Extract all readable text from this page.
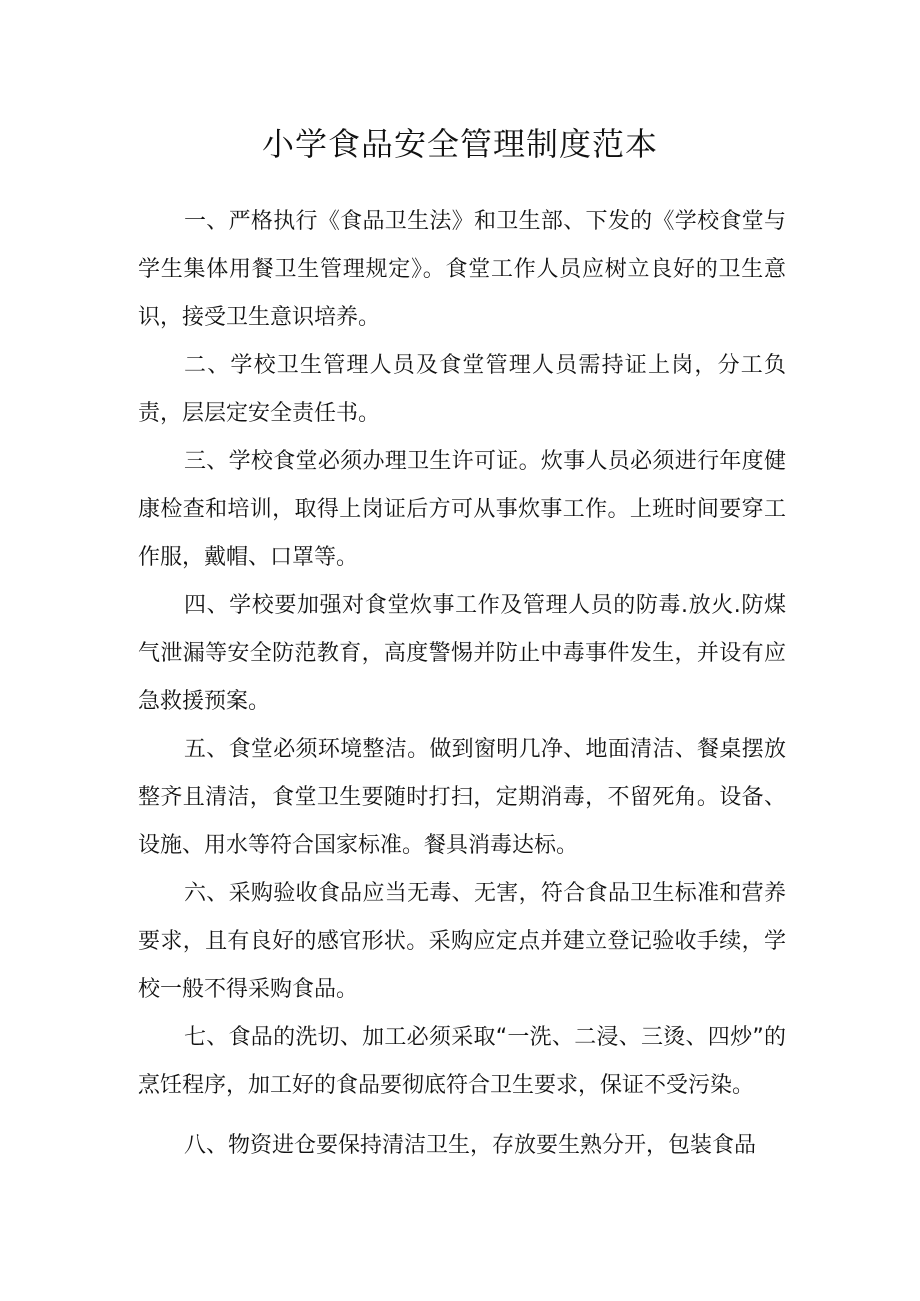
小学食品安全管理制度范本

一、严格执行《食品卫生法》和卫生部、下发的《学校食堂与学生集体用餐卫生管理规定》。食堂工作人员应树立良好的卫生意识，接受卫生意识培养。

二、学校卫生管理人员及食堂管理人员需持证上岗，分工负责，层层定安全责任书。

三、学校食堂必须办理卫生许可证。炊事人员必须进行年度健康检查和培训，取得上岗证后方可从事炊事工作。上班时间要穿工作服，戴帽、口罩等。

四、学校要加强对食堂炊事工作及管理人员的防毒.放火.防煤气泄漏等安全防范教育，高度警惕并防止中毒事件发生，并设有应急救援预案。

五、食堂必须环境整洁。做到窗明几净、地面清洁、餐桌摆放整齐且清洁，食堂卫生要随时打扫，定期消毒，不留死角。设备、设施、用水等符合国家标准。餐具消毒达标。

六、采购验收食品应当无毒、无害，符合食品卫生标准和营养要求，且有良好的感官形状。采购应定点并建立登记验收手续，学校一般不得采购食品。

七、食品的洗切、加工必须采取“一洗、二浸、三烫、四炒”的烹饪程序，加工好的食品要彻底符合卫生要求，保证不受污染。

八、物资进仓要保持清洁卫生，存放要生熟分开，包装食品
